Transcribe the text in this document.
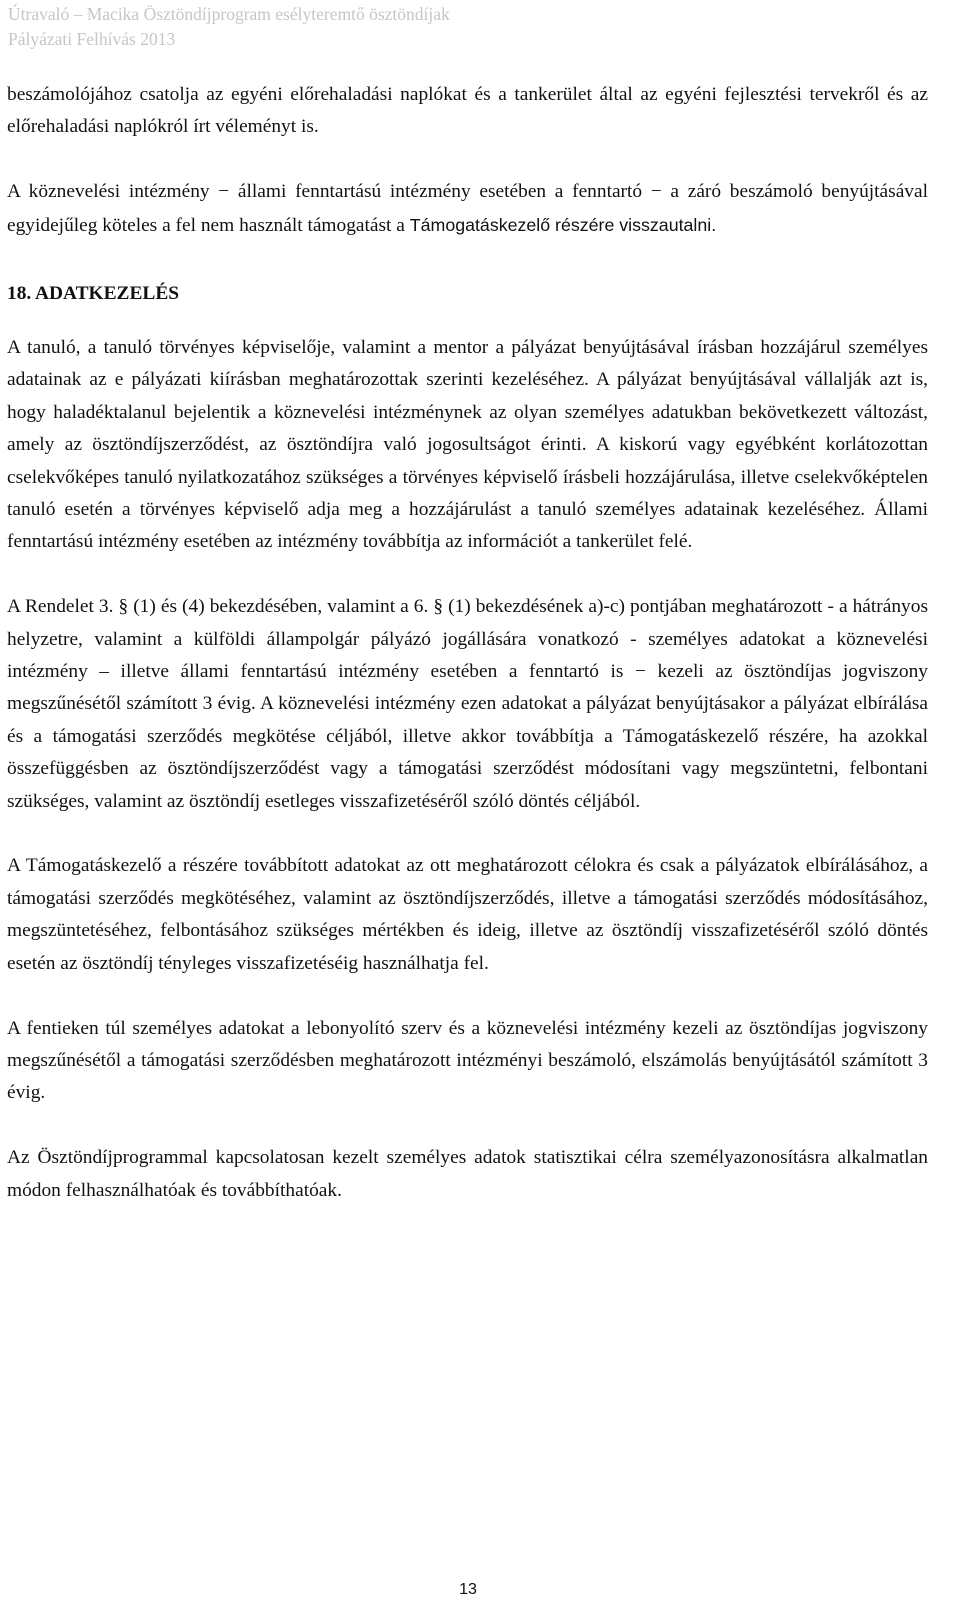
Útravaló – Macika Ösztöndíjprogram esélyteremtő ösztöndíjak
Pályázati Felhívás 2013

beszámolójához csatolja az egyéni előrehaladási naplókat és a tankerület által az egyéni fejlesztési tervekről és az előrehaladási naplókról írt véleményt is.

A köznevelési intézmény − állami fenntartású intézmény esetében a fenntartó − a záró beszámoló benyújtásával egyidejűleg köteles a fel nem használt támogatást a Támogatáskezelő részére visszautalni.

18. ADATKEZELÉS

A tanuló, a tanuló törvényes képviselője, valamint a mentor a pályázat benyújtásával írásban hozzájárul személyes adatainak az e pályázati kiírásban meghatározottak szerinti kezeléséhez. A pályázat benyújtásával vállalják azt is, hogy haladéktalanul bejelentik a köznevelési intézménynek az olyan személyes adatukban bekövetkezett változást, amely az ösztöndíjszerződést, az ösztöndíjra való jogosultságot érinti. A kiskorú vagy egyébként korlátozottan cselekvőképes tanuló nyilatkozatához szükséges a törvényes képviselő írásbeli hozzájárulása, illetve cselekvőképtelen tanuló esetén a törvényes képviselő adja meg a hozzájárulást a tanuló személyes adatainak kezeléséhez. Állami fenntartású intézmény esetében az intézmény továbbítja az információt a tankerület felé.

A Rendelet 3. § (1) és (4) bekezdésében, valamint a 6. § (1) bekezdésének a)-c) pontjában meghatározott - a hátrányos helyzetre, valamint a külföldi állampolgár pályázó jogállására vonatkozó - személyes adatokat a köznevelési intézmény – illetve állami fenntartású intézmény esetében a fenntartó is − kezeli az ösztöndíjas jogviszony megszűnésétől számított 3 évig. A köznevelési intézmény ezen adatokat a pályázat benyújtásakor a pályázat elbírálása és a támogatási szerződés megkötése céljából, illetve akkor továbbítja a Támogatáskezelő részére, ha azokkal összefüggésben az ösztöndíjszerződést vagy a támogatási szerződést módosítani vagy megszüntetni, felbontani szükséges, valamint az ösztöndíj esetleges visszafizetéséről szóló döntés céljából.

A Támogatáskezelő a részére továbbított adatokat az ott meghatározott célokra és csak a pályázatok elbírálásához, a támogatási szerződés megkötéséhez, valamint az ösztöndíjszerződés, illetve a támogatási szerződés módosításához, megszüntetéséhez, felbontásához szükséges mértékben és ideig, illetve az ösztöndíj visszafizetéséről szóló döntés esetén az ösztöndíj tényleges visszafizetéséig használhatja fel.

A fentieken túl személyes adatokat a lebonyolító szerv és a köznevelési intézmény kezeli az ösztöndíjas jogviszony megszűnésétől a támogatási szerződésben meghatározott intézményi beszámoló, elszámolás benyújtásától számított 3 évig.

Az Ösztöndíjprogrammal kapcsolatosan kezelt személyes adatok statisztikai célra személyazonosításra alkalmatlan módon felhasználhatóak és továbbíthatóak.

13
